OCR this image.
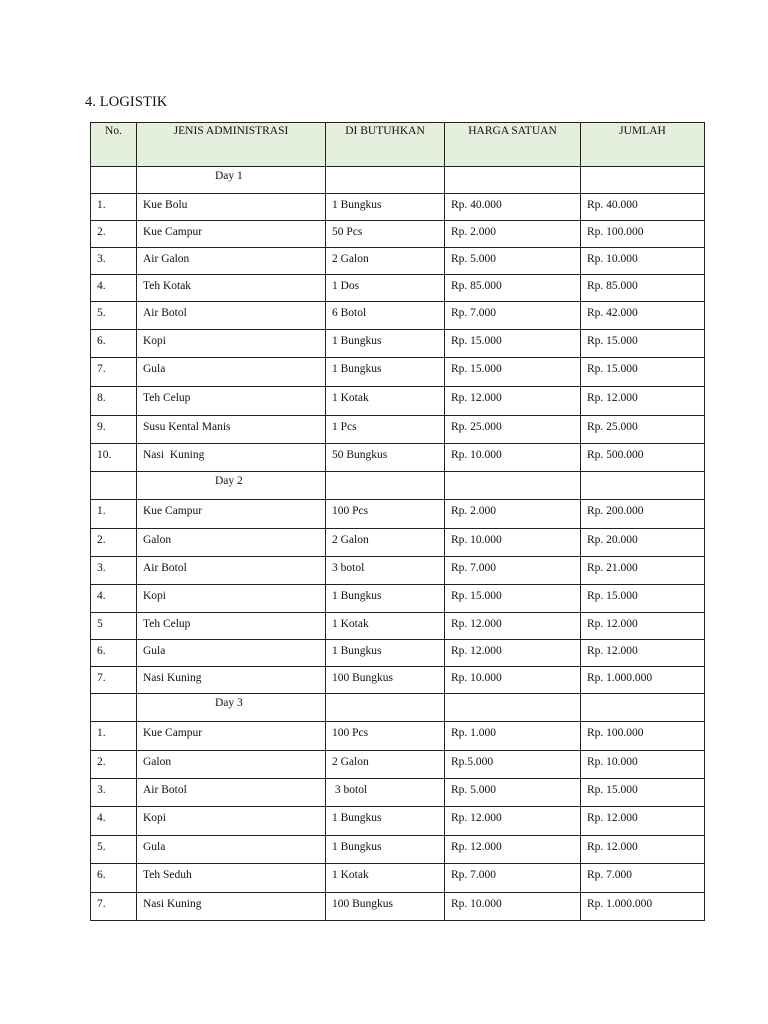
4. LOGISTIK
No.	JENIS ADMINISTRASI	DI BUTUHKAN	HARGA SATUAN	JUMLAH

	Day 1			

1.	Kue Bolu	1 Bungkus	Rp. 40.000	Rp. 40.000
2.	Kue Campur	50 Pcs	Rp. 2.000	Rp. 100.000
3.	Air Galon	2 Galon	Rp. 5.000	Rp. 10.000
4.	Teh Kotak	1 Dos	Rp. 85.000	Rp. 85.000
5.	Air Botol	6 Botol	Rp. 7.000	Rp. 42.000
6.	Kopi	1 Bungkus	Rp. 15.000	Rp. 15.000
7.	Gula	1 Bungkus	Rp. 15.000	Rp. 15.000
8.	Teh Celup	1 Kotak	Rp. 12.000	Rp. 12.000
9.	Susu Kental Manis	1 Pcs	Rp. 25.000	Rp. 25.000
10.	Nasi  Kuning	50 Bungkus	Rp. 10.000	Rp. 500.000

	Day 2			

1.	Kue Campur	100 Pcs	Rp. 2.000	Rp. 200.000
2.	Galon	2 Galon	Rp. 10.000	Rp. 20.000
3.	Air Botol	3 botol	Rp. 7.000	Rp. 21.000
4.	Kopi	1 Bungkus	Rp. 15.000	Rp. 15.000
5	Teh Celup	1 Kotak	Rp. 12.000	Rp. 12.000
6.	Gula	1 Bungkus	Rp. 12.000	Rp. 12.000
7.	Nasi Kuning	100 Bungkus	Rp. 10.000	Rp. 1.000.000

	Day 3			

1.	Kue Campur	100 Pcs	Rp. 1.000	Rp. 100.000
2.	Galon	2 Galon	Rp.5.000	Rp. 10.000
3.	Air Botol	3 botol	Rp. 5.000	Rp. 15.000
4.	Kopi	1 Bungkus	Rp. 12.000	Rp. 12.000
5.	Gula	1 Bungkus	Rp. 12.000	Rp. 12.000
6.	Teh Seduh	1 Kotak	Rp. 7.000	Rp. 7.000
7.	Nasi Kuning	100 Bungkus	Rp. 10.000	Rp. 1.000.000
